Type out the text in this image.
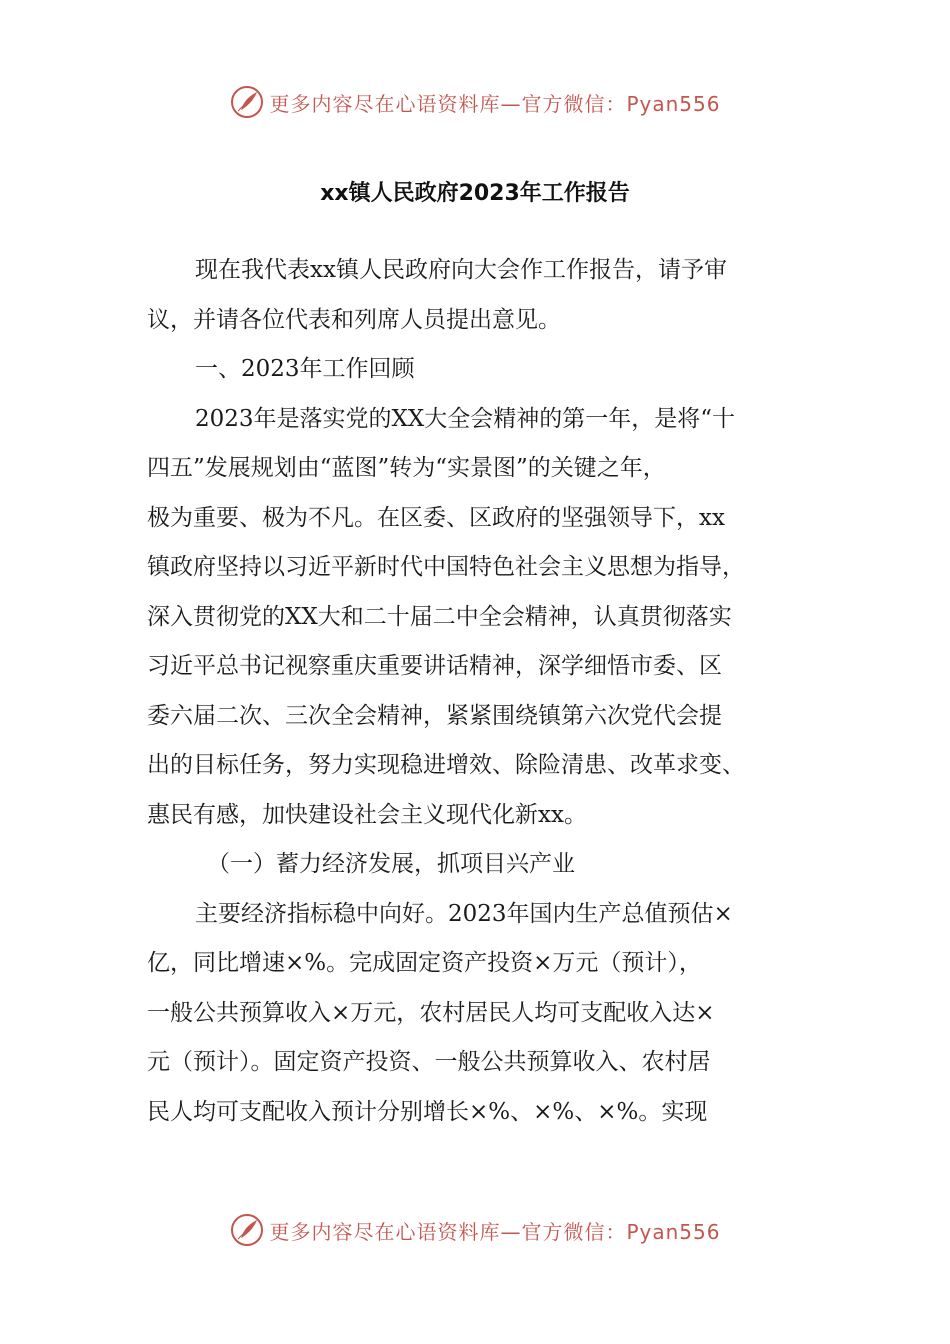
更多内容尽在心语资料库—官方微信：Pyan556
xx镇人民政府2023年工作报告
现在我代表xx镇人民政府向大会作工作报告，请予审
议，并请各位代表和列席人员提出意见。
一、2023年工作回顾
2023年是落实党的XX大全会精神的第一年，是将“十
四五”发展规划由“蓝图”转为“实景图”的关键之年，
极为重要、极为不凡。在区委、区政府的坚强领导下，xx
镇政府坚持以习近平新时代中国特色社会主义思想为指导，
深入贯彻党的XX大和二十届二中全会精神，认真贯彻落实
习近平总书记视察重庆重要讲话精神，深学细悟市委、区
委六届二次、三次全会精神，紧紧围绕镇第六次党代会提
出的目标任务，努力实现稳进增效、除险清患、改革求变、
惠民有感，加快建设社会主义现代化新xx。
（一）蓄力经济发展，抓项目兴产业
主要经济指标稳中向好。2023年国内生产总值预估×
亿，同比增速×%。完成固定资产投资×万元（预计），
一般公共预算收入×万元，农村居民人均可支配收入达×
元（预计）。固定资产投资、一般公共预算收入、农村居
民人均可支配收入预计分别增长×%、×%、×%。实现
更多内容尽在心语资料库—官方微信：Pyan556
